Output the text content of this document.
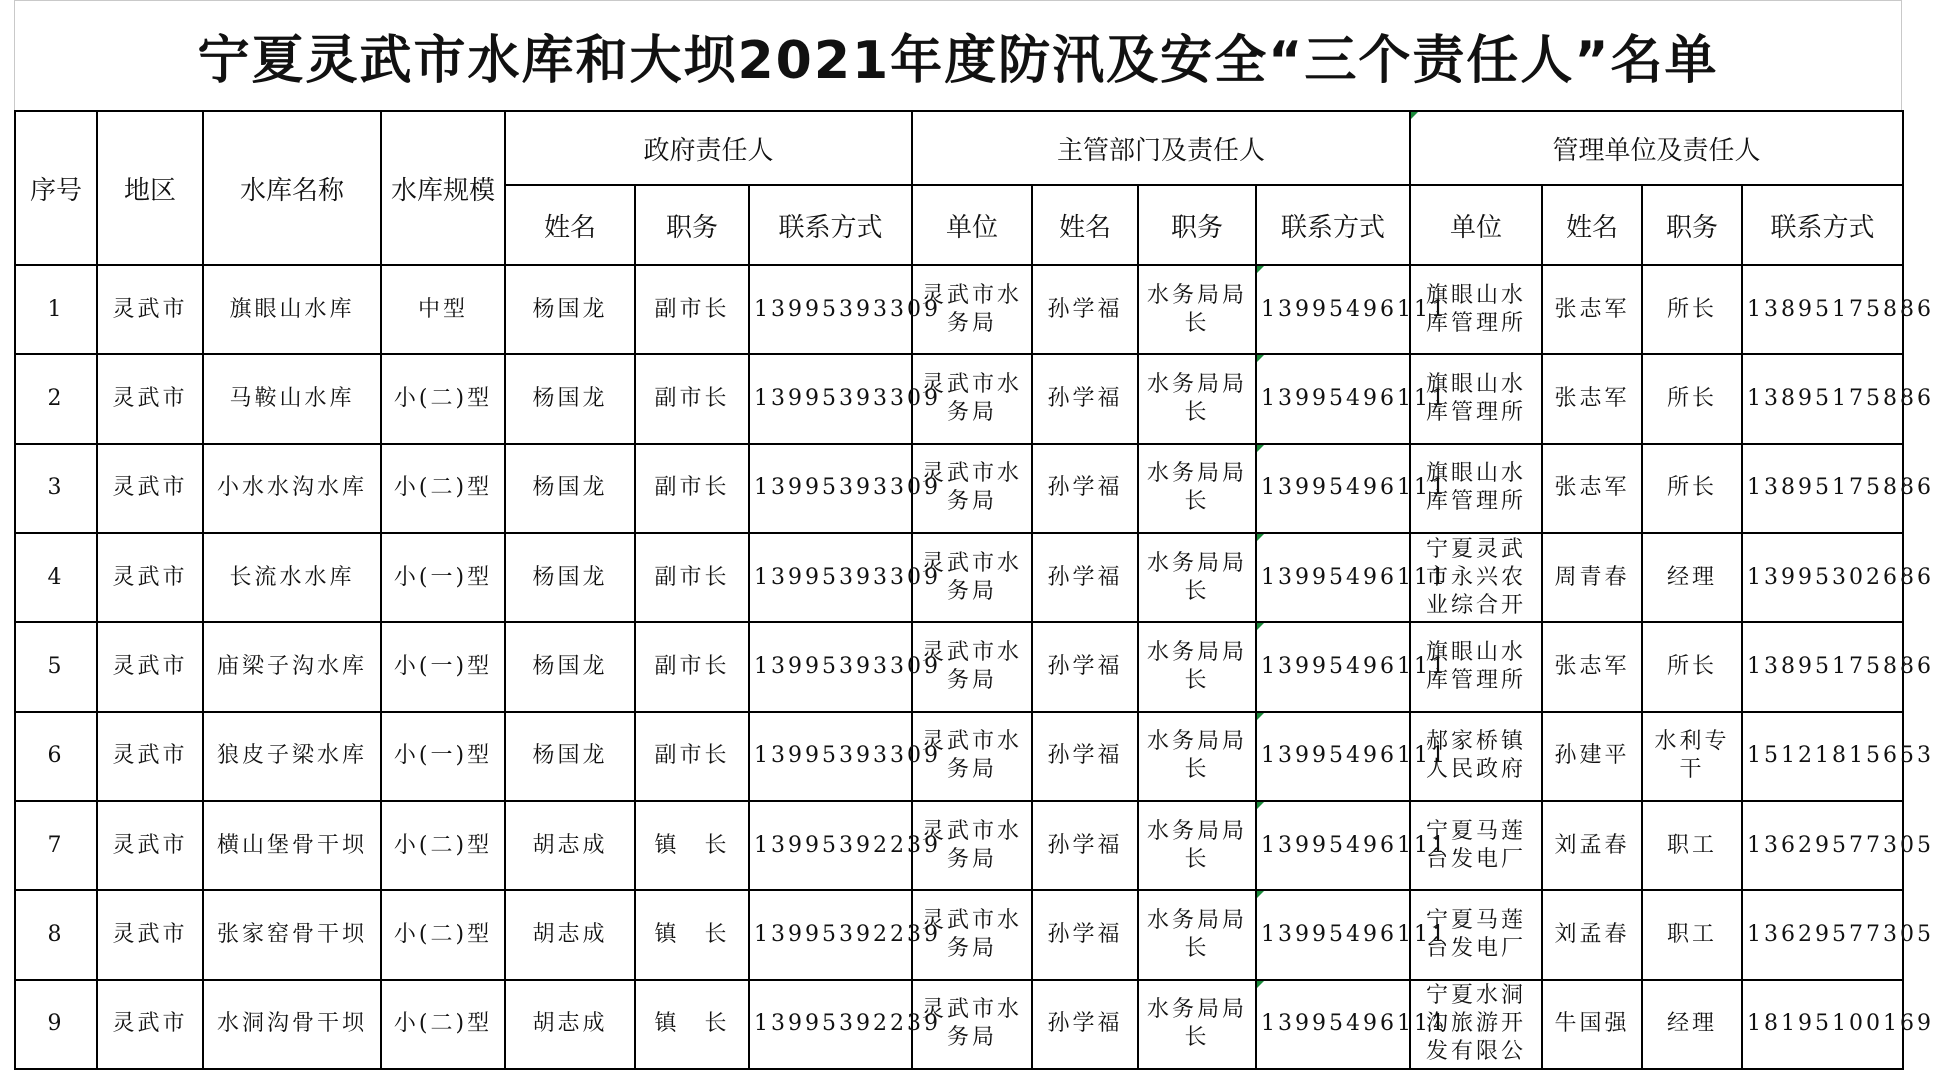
宁夏灵武市水库和大坝2021年度防汛及安全“三个责任人”名单
序号	地区	水库名称	水库规模	政府责任人			主管部门及责任人				管理单位及责任人			
				姓名	职务	联系方式	单位	姓名	职务	联系方式	单位	姓名	职务	联系方式
1	灵武市	旗眼山水库	中型	杨国龙	副市长	13995393309	灵武市水务局	孙学福	水务局局长	13995496111	旗眼山水库管理所	张志军	所长	13895175886
2	灵武市	马鞍山水库	小(二)型	杨国龙	副市长	13995393309	灵武市水务局	孙学福	水务局局长	13995496111	旗眼山水库管理所	张志军	所长	13895175886
3	灵武市	小水水沟水库	小(二)型	杨国龙	副市长	13995393309	灵武市水务局	孙学福	水务局局长	13995496111	旗眼山水库管理所	张志军	所长	13895175886
4	灵武市	长流水水库	小(一)型	杨国龙	副市长	13995393309	灵武市水务局	孙学福	水务局局长	13995496111	宁夏灵武市永兴农业综合开	周青春	经理	13995302686
5	灵武市	庙梁子沟水库	小(一)型	杨国龙	副市长	13995393309	灵武市水务局	孙学福	水务局局长	13995496111	旗眼山水库管理所	张志军	所长	13895175886
6	灵武市	狼皮子梁水库	小(一)型	杨国龙	副市长	13995393309	灵武市水务局	孙学福	水务局局长	13995496111	郝家桥镇人民政府	孙建平	水利专干	15121815653
7	灵武市	横山堡骨干坝	小(二)型	胡志成	镇　长	13995392239	灵武市水务局	孙学福	水务局局长	13995496111	宁夏马莲台发电厂	刘孟春	职工	13629577305
8	灵武市	张家窑骨干坝	小(二)型	胡志成	镇　长	13995392239	灵武市水务局	孙学福	水务局局长	13995496111	宁夏马莲台发电厂	刘孟春	职工	13629577305
9	灵武市	水洞沟骨干坝	小(二)型	胡志成	镇　长	13995392239	灵武市水务局	孙学福	水务局局长	13995496111	宁夏水洞沟旅游开发有限公	牛国强	经理	18195100169
